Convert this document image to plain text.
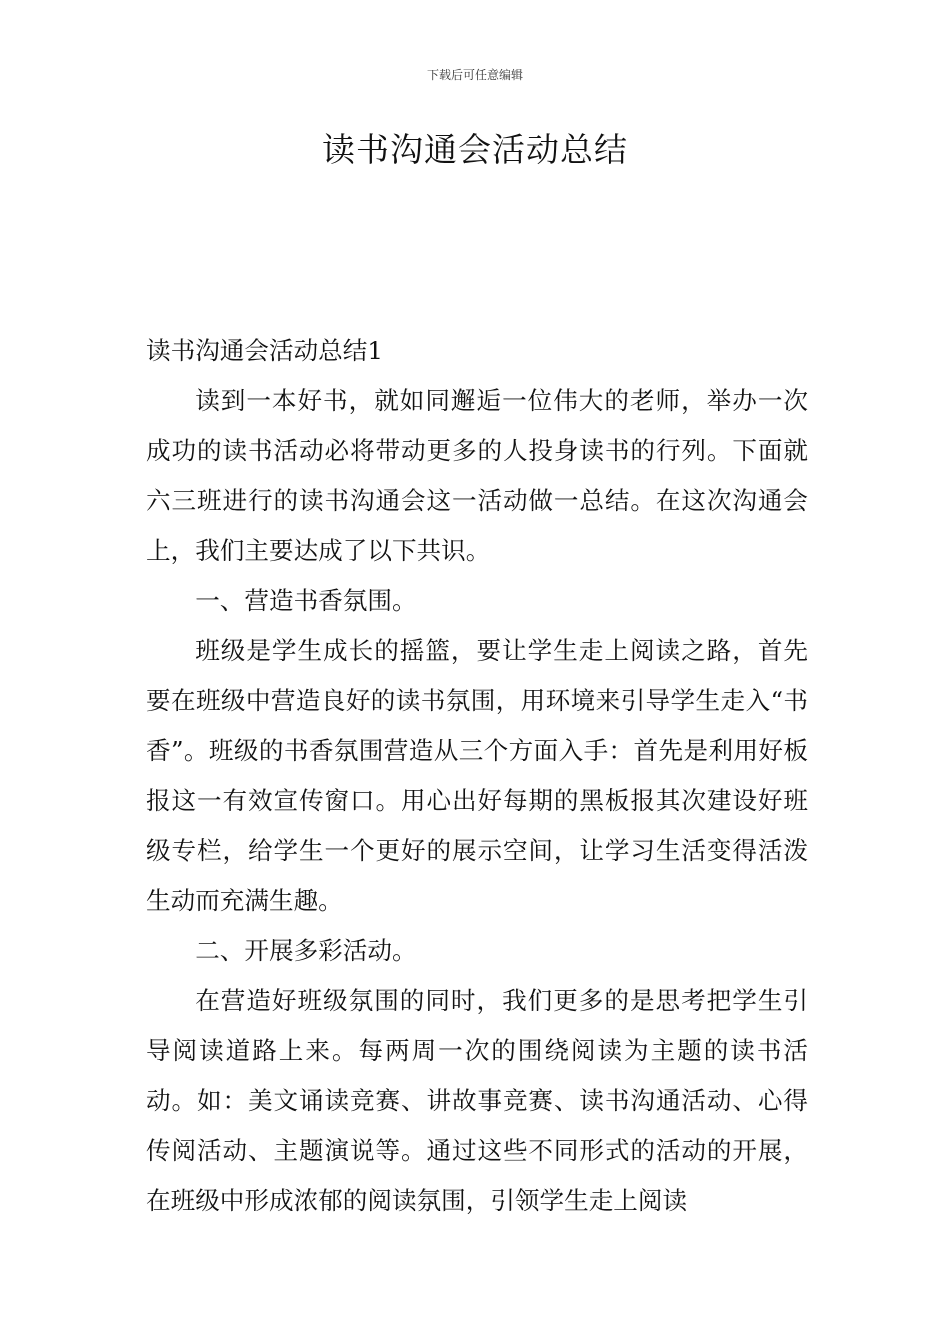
下载后可任意编辑
读书沟通会活动总结

读书沟通会活动总结1

读到一本好书，就如同邂逅一位伟大的老师，举办一次成功的读书活动必将带动更多的人投身读书的行列。下面就六三班进行的读书沟通会这一活动做一总结。在这次沟通会上，我们主要达成了以下共识。

一、营造书香氛围。

班级是学生成长的摇篮，要让学生走上阅读之路，首先要在班级中营造良好的读书氛围，用环境来引导学生走入“书香”。班级的书香氛围营造从三个方面入手：首先是利用好板报这一有效宣传窗口。用心出好每期的黑板报其次建设好班级专栏，给学生一个更好的展示空间，让学习生活变得活泼生动而充满生趣。

二、开展多彩活动。

在营造好班级氛围的同时，我们更多的是思考把学生引导阅读道路上来。每两周一次的围绕阅读为主题的读书活动。如：美文诵读竞赛、讲故事竞赛、读书沟通活动、心得传阅活动、主题演说等。通过这些不同形式的活动的开展，在班级中形成浓郁的阅读氛围，引领学生走上阅读
